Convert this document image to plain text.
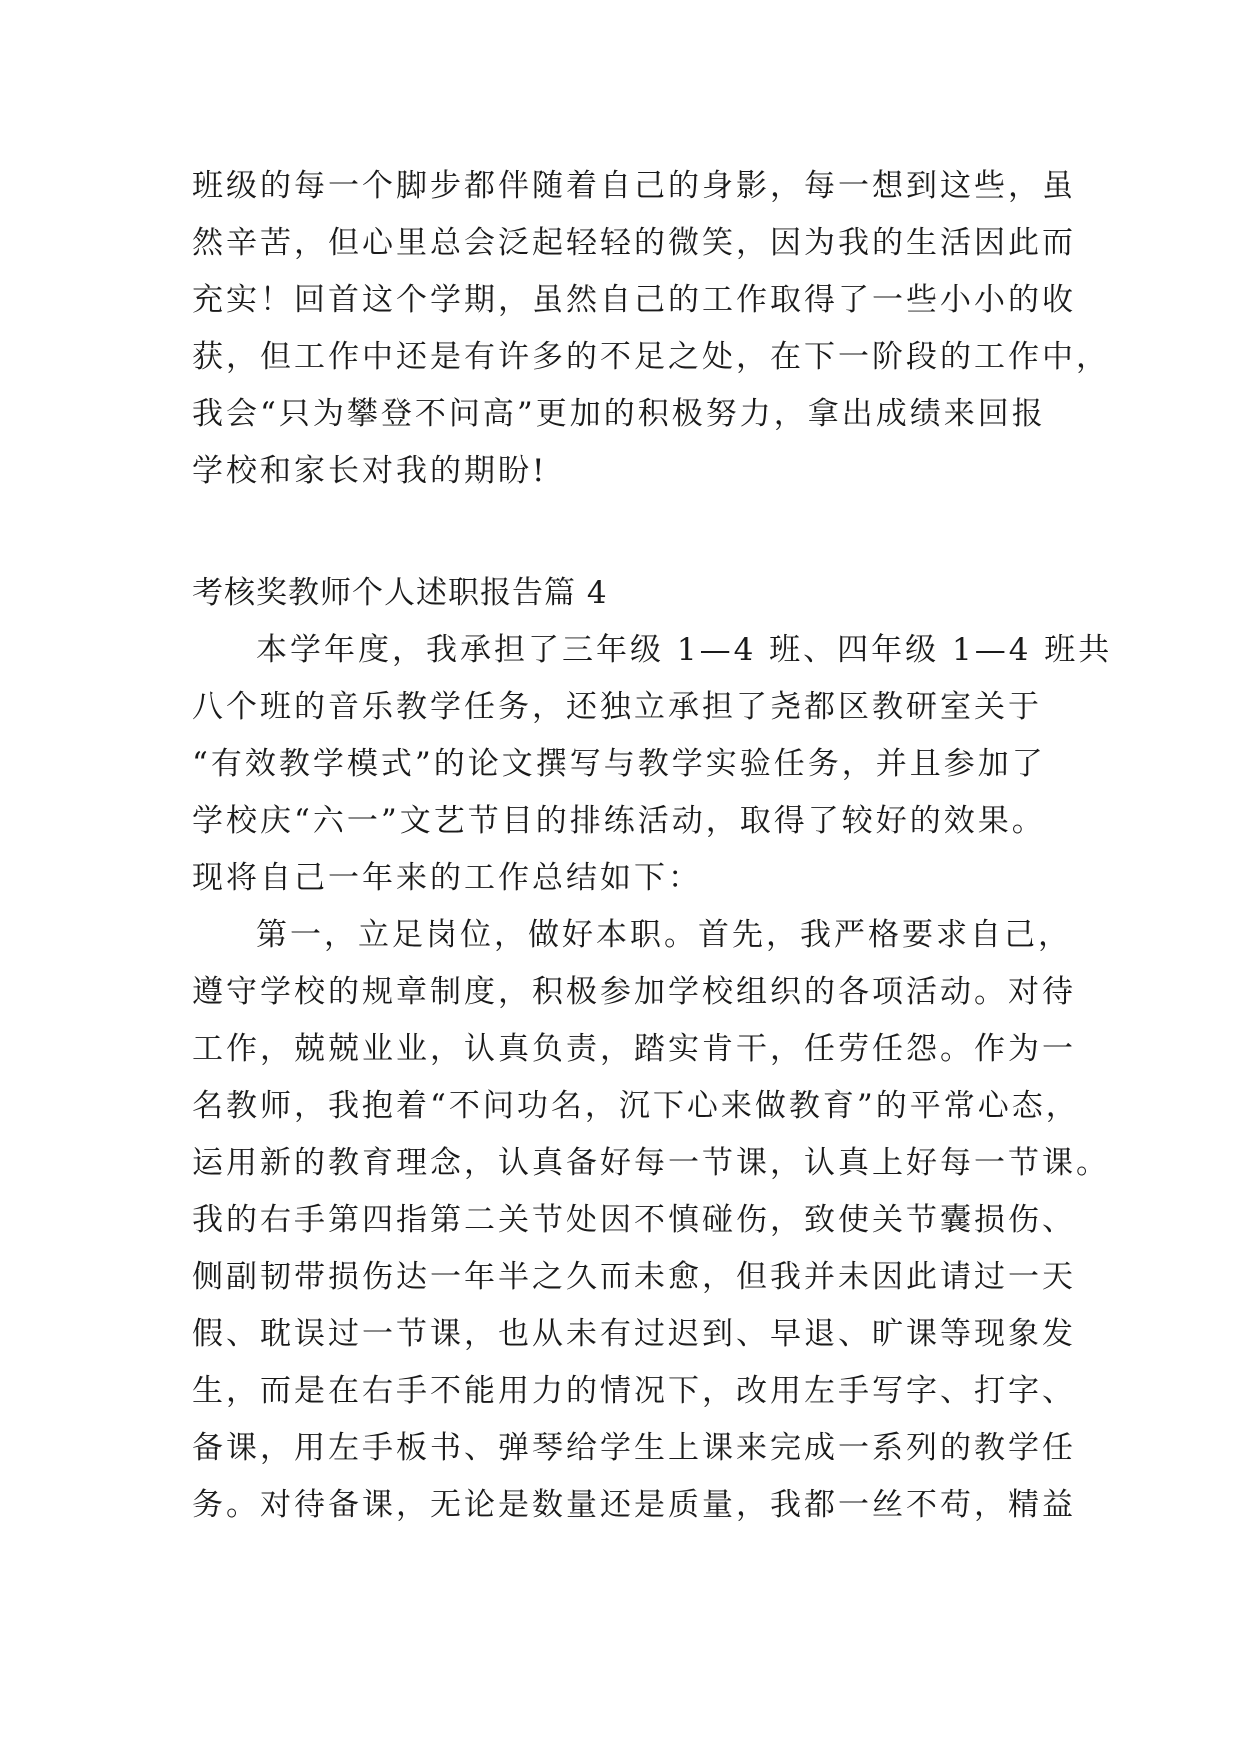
班级的每一个脚步都伴随着自己的身影，每一想到这些，虽
然辛苦，但心里总会泛起轻轻的微笑，因为我的生活因此而
充实！回首这个学期，虽然自己的工作取得了一些小小的收
获，但工作中还是有许多的不足之处，在下一阶段的工作中，
我会“只为攀登不问高”更加的积极努力，拿出成绩来回报
学校和家长对我的期盼!
考核奖教师个人述职报告篇 4
本学年度，我承担了三年级 1—4 班、四年级 1—4 班共
八个班的音乐教学任务，还独立承担了尧都区教研室关于
“有效教学模式”的论文撰写与教学实验任务，并且参加了
学校庆“六一”文艺节目的排练活动，取得了较好的效果。
现将自己一年来的工作总结如下：
第一，立足岗位，做好本职。首先，我严格要求自己，
遵守学校的规章制度，积极参加学校组织的各项活动。对待
工作，兢兢业业，认真负责，踏实肯干，任劳任怨。作为一
名教师，我抱着“不问功名，沉下心来做教育”的平常心态，
运用新的教育理念，认真备好每一节课，认真上好每一节课。
我的右手第四指第二关节处因不慎碰伤，致使关节囊损伤、
侧副韧带损伤达一年半之久而未愈，但我并未因此请过一天
假、耽误过一节课，也从未有过迟到、早退、旷课等现象发
生，而是在右手不能用力的情况下，改用左手写字、打字、
备课，用左手板书、弹琴给学生上课来完成一系列的教学任
务。对待备课，无论是数量还是质量，我都一丝不苟，精益
